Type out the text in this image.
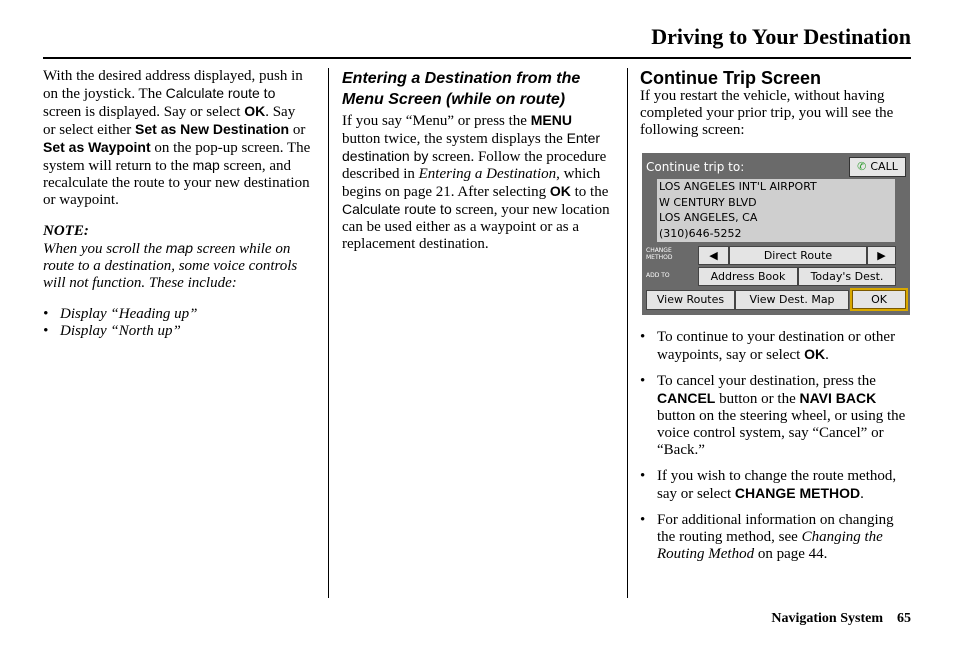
Driving to Your Destination

With the desired address displayed, push in on the joystick. The Calculate route to screen is displayed. Say or select OK. Say or select either Set as New Destination or Set as Waypoint on the pop-up screen. The system will return to the map screen, and recalculate the route to your new destination or waypoint.

NOTE:

When you scroll the map screen while on route to a destination, some voice controls will not function. These include:

• Display “Heading up”
• Display “North up”

Entering a Destination from the Menu Screen (while on route)

If you say “Menu” or press the MENU button twice, the system displays the Enter destination by screen. Follow the procedure described in Entering a Destination, which begins on page 21. After selecting OK to the Calculate route to screen, your new location can be used either as a waypoint or as a replacement destination.

Continue Trip Screen

If you restart the vehicle, without having completed your prior trip, you will see the following screen:

Continue trip to:	✆ CALL
LOS ANGELES INT'L AIRPORT
W CENTURY BLVD
LOS ANGELES, CA
(310)646-5252
CHANGE METHOD	◀	Direct Route	▶
ADD TO	Address Book	Today's Dest.
View Routes	View Dest. Map	OK
• To continue to your destination or other waypoints, say or select OK.
• To cancel your destination, press the CANCEL button or the NAVI BACK button on the steering wheel, or using the voice control system, say “Cancel” or “Back.”
• If you wish to change the route method, say or select CHANGE METHOD.
• For additional information on changing the routing method, see Changing the Routing Method on page 44.
Navigation System 65
